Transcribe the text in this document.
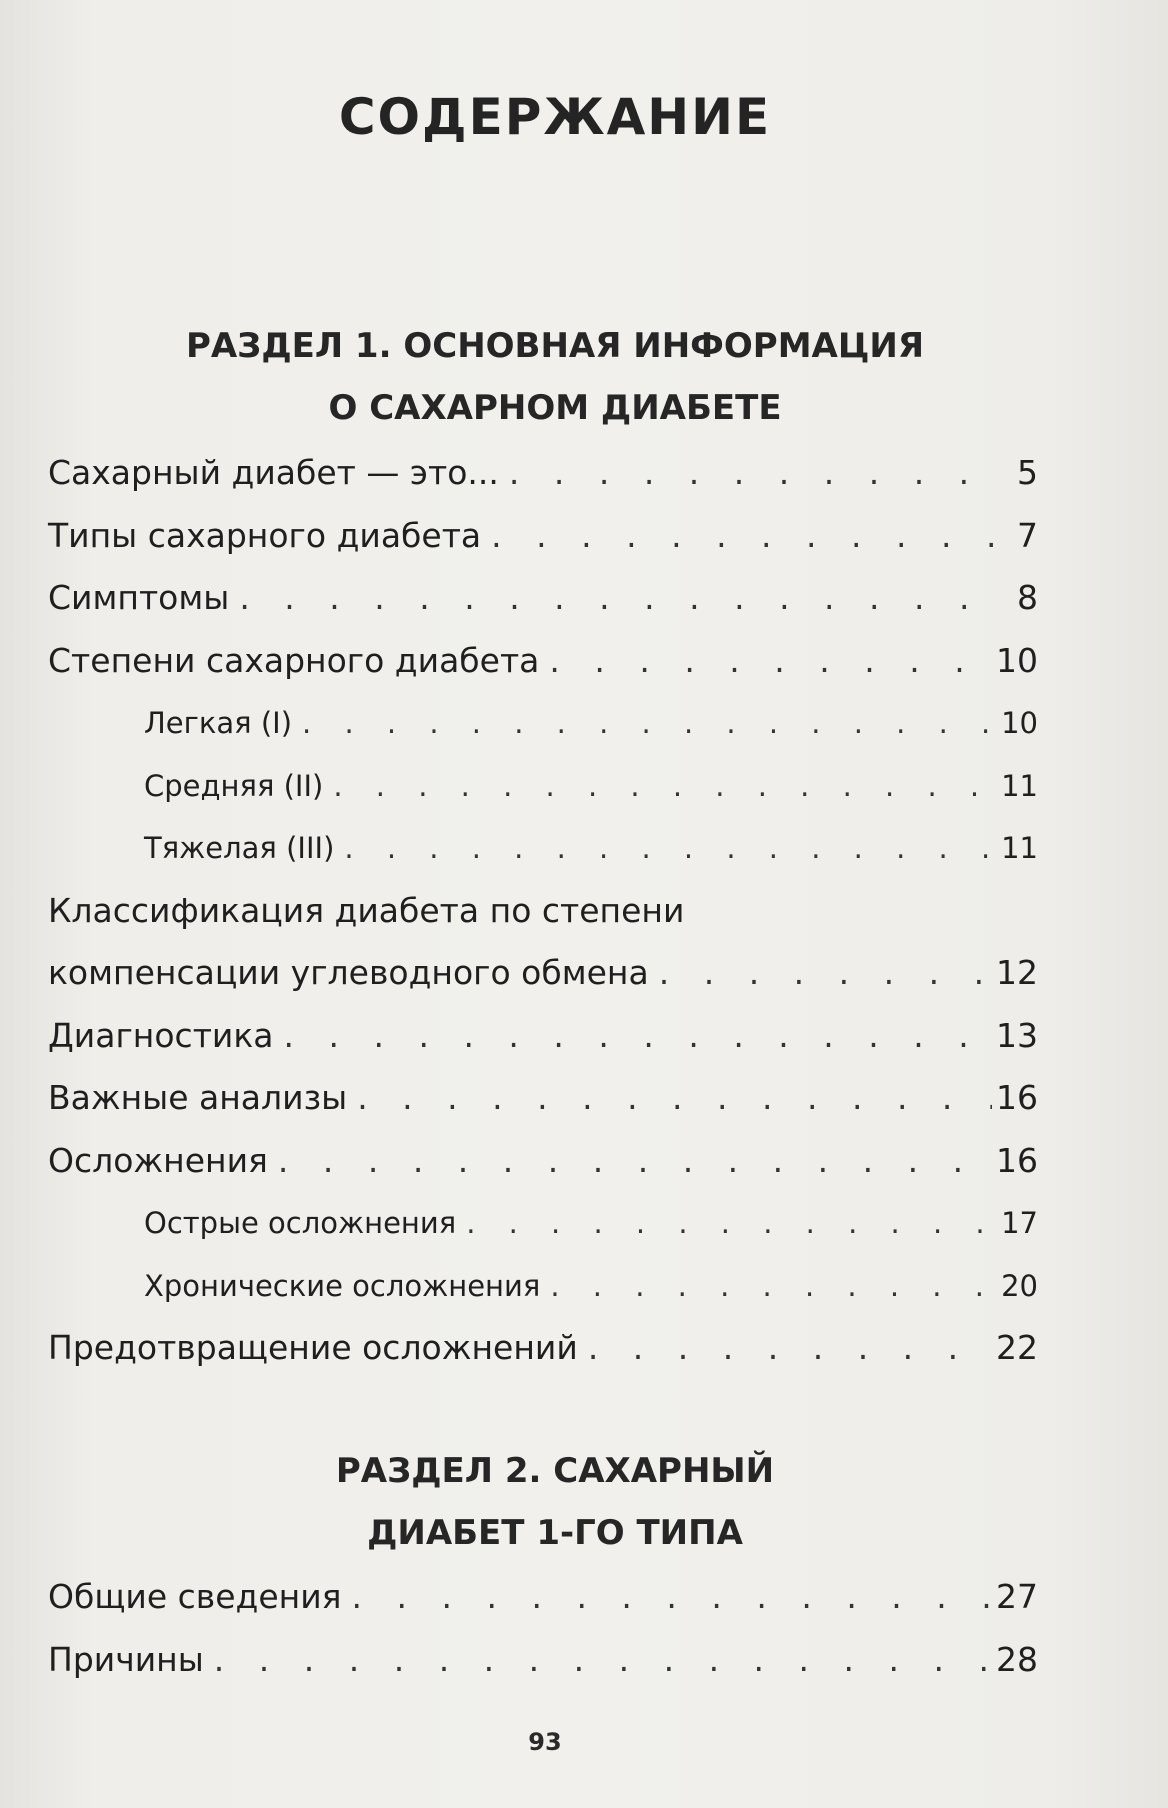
СОДЕРЖАНИЕ
РАЗДЕЛ 1. ОСНОВНАЯ ИНФОРМАЦИЯ
О САХАРНОМ ДИАБЕТЕ
Сахарный диабет — это... . . .	5
Типы сахарного диабета . . .	7
Симптомы . . .	8
Степени сахарного диабета . . .	10
Легкая (I) . . .	10
Средняя (II) . . .	11
Тяжелая (III) . . .	11
Классификация диабета по степени
компенсации углеводного обмена . . .	12
Диагностика . . .	13
Важные анализы . . .	16
Осложнения . . .	16
Острые осложнения . . .	17
Хронические осложнения . . .	20
Предотвращение осложнений . . .	22
РАЗДЕЛ 2. САХАРНЫЙ
ДИАБЕТ 1-ГО ТИПА
Общие сведения . . .	27
Причины . . .	28
93
